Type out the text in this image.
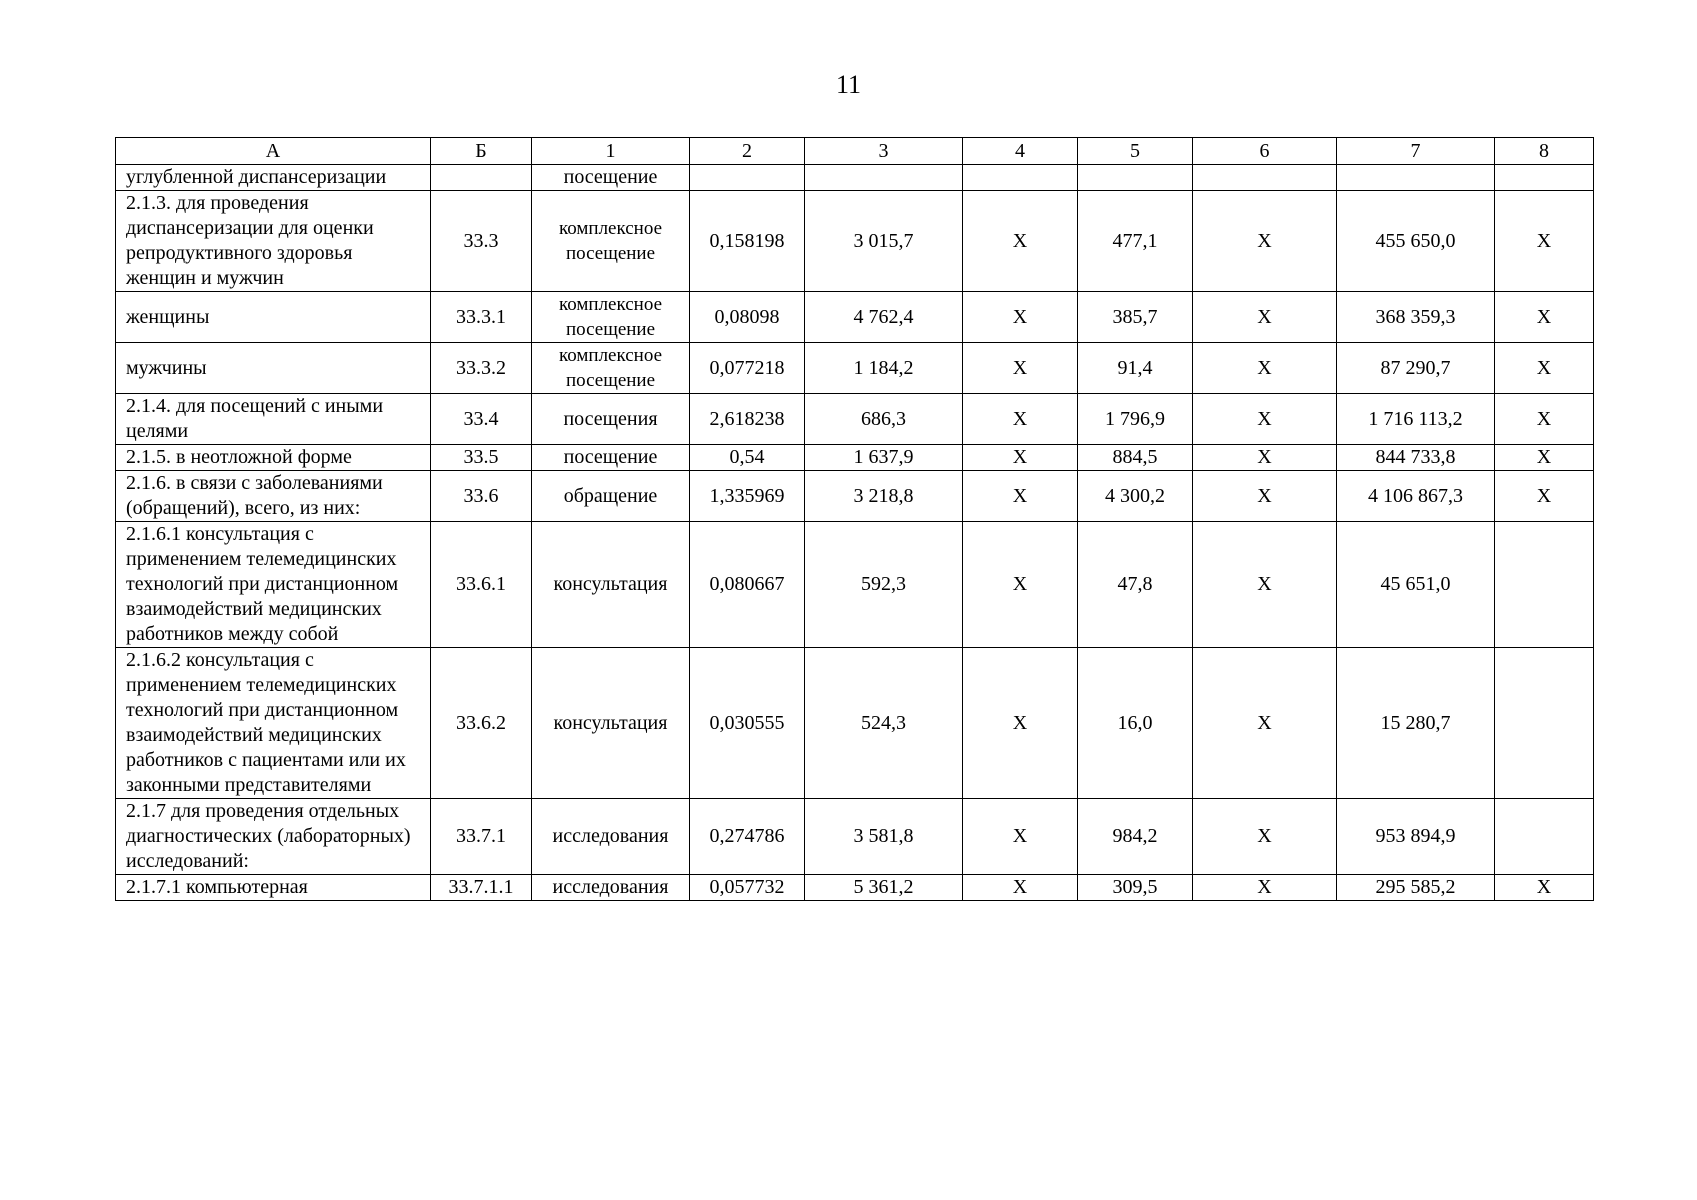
11
А	Б	1	2	3	4	5	6	7	8
углубленной диспансеризации		посещение							
2.1.3. для проведения диспансеризации для оценки репродуктивного здоровья женщин и мужчин	33.3	комплексное посещение	0,158198	3 015,7	Х	477,1	Х	455 650,0	Х
женщины	33.3.1	комплексное посещение	0,08098	4 762,4	Х	385,7	Х	368 359,3	Х
мужчины	33.3.2	комплексное посещение	0,077218	1 184,2	Х	91,4	Х	87 290,7	Х
2.1.4. для посещений с иными целями	33.4	посещения	2,618238	686,3	Х	1 796,9	Х	1 716 113,2	Х
2.1.5. в неотложной форме	33.5	посещение	0,54	1 637,9	Х	884,5	Х	844 733,8	Х
2.1.6. в связи с заболеваниями (обращений), всего, из них:	33.6	обращение	1,335969	3 218,8	Х	4 300,2	Х	4 106 867,3	Х
2.1.6.1 консультация с применением телемедицинских технологий при дистанционном взаимодействий медицинских работников между собой	33.6.1	консультация	0,080667	592,3	Х	47,8	Х	45 651,0	
2.1.6.2 консультация с применением телемедицинских технологий при дистанционном взаимодействий медицинских работников с пациентами или их законными представителями	33.6.2	консультация	0,030555	524,3	Х	16,0	Х	15 280,7	
2.1.7 для проведения отдельных диагностических (лабораторных) исследований:	33.7.1	исследования	0,274786	3 581,8	Х	984,2	Х	953 894,9	
2.1.7.1 компьютерная	33.7.1.1	исследования	0,057732	5 361,2	Х	309,5	Х	295 585,2	Х
